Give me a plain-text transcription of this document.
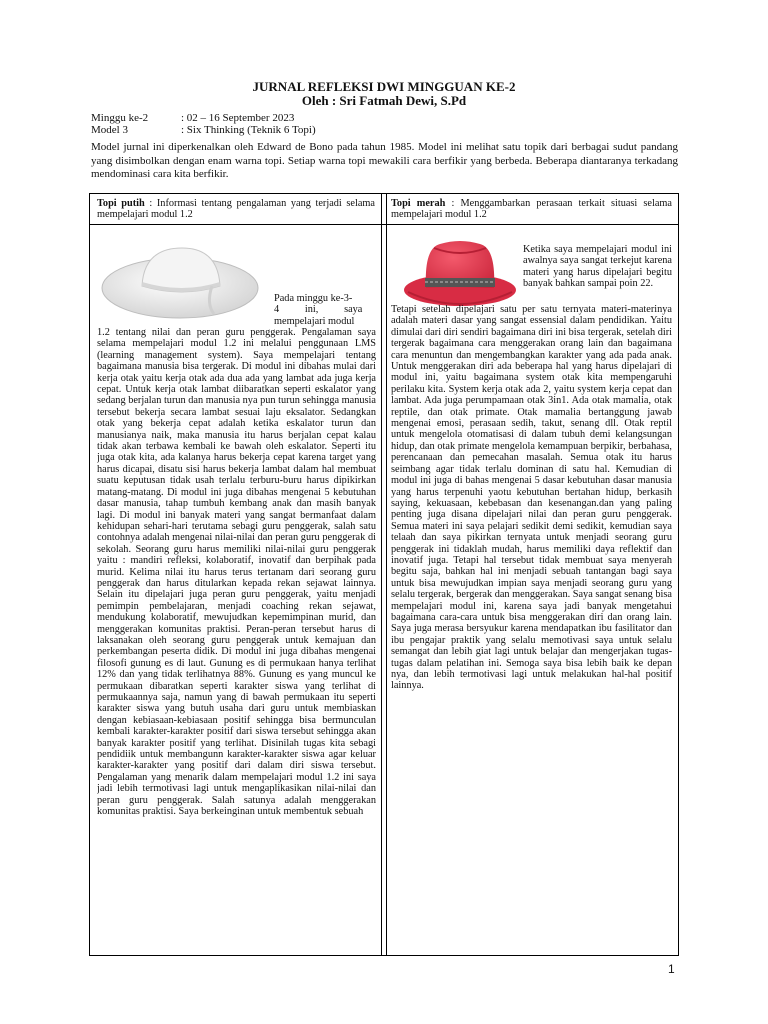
JURNAL REFLEKSI DWI MINGGUAN KE-2
Oleh : Sri Fatmah Dewi, S.Pd
Minggu ke-2	: 02 – 16 September 2023
Model 3	: Six Thinking (Teknik 6 Topi)
Model jurnal ini diperkenalkan oleh Edward de Bono pada tahun 1985. Model ini melihat satu topik dari berbagai sudut pandang yang disimbolkan dengan enam warna topi. Setiap warna topi mewakili cara berfikir yang berbeda. Beberapa diantaranya terkadang mendominasi cara kita berfikir.
Topi putih : Informasi tentang pengalaman yang terjadi selama mempelajari modul 1.2
Topi merah : Menggambarkan perasaan terkait situasi selama mempelajari modul 1.2
Pada minggu ke-3-
4          ini,          saya
mempelajari modul
1.2 tentang nilai dan peran guru penggerak. Pengalaman saya selama mempelajari modul 1.2 ini melalui penggunaan LMS (learning management system). Saya mempelajari tentang bagaimana manusia bisa tergerak. Di modul ini dibahas mulai dari kerja otak yaitu kerja otak ada dua ada yang lambat ada juga kerja cepat. Untuk kerja otak lambat diibaratkan seperti eskalator yang sedang berjalan turun dan manusia nya pun turun sehingga manusia tersebut bekerja secara lambat sesuai laju eksalator. Sedangkan otak yang bekerja cepat adalah ketika eskalator turun dan manusianya naik, maka manusia itu harus berjalan cepat kalau tidak akan terbawa kembali ke bawah oleh eskalator. Seperti itu juga otak kita, ada kalanya harus bekerja cepat karena target yang harus dicapai, disatu sisi harus bekerja lambat dalam hal membuat suatu keputusan tidak usah terlalu terburu-buru harus dipikirkan matang-matang. Di modul ini juga dibahas mengenai 5 kebutuhan dasar manusia, tahap tumbuh kembang anak dan masih banyak lagi. Di modul ini banyak materi yang sangat bermanfaat dalam kehidupan sehari-hari terutama sebagi guru penggerak, salah satu contohnya adalah mengenai nilai-nilai dan peran guru penggerak di sekolah. Seorang guru harus memiliki nilai-nilai guru penggerak yaitu : mandiri refleksi, kolaboratif, inovatif dan berpihak pada murid. Kelima nilai itu harus terus tertanam dari seorang guru penggerak dan harus ditularkan kepada rekan sejawat lainnya. Selain itu dipelajari juga peran guru penggerak, yaitu menjadi pemimpin pembelajaran, menjadi coaching rekan sejawat, mendukung kolaboratif, mewujudkan kepemimpinan murid, dan menggerakan komunitas praktisi. Peran-peran tersebut harus di laksanakan oleh seorang guru penggerak untuk kemajuan dan perkembangan peserta didik. Di modul ini juga dibahas mengenai filosofi gunung es di laut. Gunung es di permukaan hanya terlihat 12% dan yang tidak terlihatnya 88%. Gunung es yang muncul ke permukaan dibaratkan seperti karakter siswa yang terlihat di permukaannya saja, namun yang di bawah permukaan itu seperti karakter siswa yang butuh usaha dari guru untuk membiaskan dengan kebiasaan-kebiasaan positif sehingga bisa bermunculan kembali karakter-karakter positif dari siswa tersebut sehingga akan banyak karakter positif yang terlihat. Disinilah tugas kita sebagi pendidiik untuk membangunn karakter-karakter siswa agar keluar karakter-karakter yang positif dari dalam diri siswa tersebut. Pengalaman yang menarik dalam mempelajari modul 1.2 ini saya jadi lebih termotivasi lagi untuk mengaplikasikan nilai-nilai dan peran guru penggerak. Salah satunya adalah menggerakan komunitas praktisi. Saya berkeinginan untuk membentuk sebuah
Ketika saya mempelajari modul ini awalnya saya sangat terkejut karena materi yang harus dipelajari begitu banyak bahkan sampai poin 22.
Tetapi setelah dipelajari satu per satu ternyata materi-materinya adalah materi dasar yang sangat essensial dalam pendidikan. Yaitu dimulai dari diri sendiri bagaimana diri ini bisa tergerak, setelah diri tergerak bagaimana cara menggerakan orang lain dan bagaimana cara menuntun dan mengembangkan karakter yang ada pada anak. Untuk menggerakan diri ada beberapa hal yang harus dipelajari di modul ini, yaitu bagaimana system otak kita mempengaruhi perilaku kita. System kerja otak ada 2, yaitu system kerja cepat dan lambat. Ada juga perumpamaan otak 3in1. Ada otak mamalia, otak reptile, dan otak primate. Otak mamalia bertanggung jawab mengenai emosi, perasaan sedih, takut, senang dll. Otak reptil untuk mengelola otomatisasi di dalam tubuh demi kelangsungan hidup, dan otak primate mengelola kemampuan berpikir, berbahasa, perencanaan dan pemecahan masalah. Semua otak itu harus seimbang agar tidak terlalu dominan di satu hal. Kemudian di modul ini juga di bahas mengenai 5 dasar kebutuhan dasar manusia yang harus terpenuhi yaotu kebutuhan bertahan hidup, berkasih saying, kekuasaan, kebebasan dan kesenangan.dan yang paling penting juga disana dipelajari nilai dan peran guru penggerak. Semua materi ini saya pelajari sedikit demi sedikit, kemudian saya telaah dan saya pikirkan ternyata untuk menjadi seorang guru penggerak ini tidaklah mudah, harus memiliki daya reflektif dan inovatif juga. Tetapi hal tersebut tidak membuat saya menyerah begitu saja, bahkan hal ini menjadi sebuah tantangan bagi saya untuk bisa mewujudkan impian saya menjadi seorang guru yang selalu tergerak, bergerak dan menggerakan. Saya sangat senang bisa mempelajari modul ini, karena saya jadi banyak mengetahui bagaimana cara-cara untuk bisa menggerakan diri dan orang lain. Saya juga merasa bersyukur karena mendapatkan ibu fasilitator dan ibu pengajar praktik yang selalu memotivasi saya untuk selalu semangat dan lebih giat lagi untuk belajar dan mengerjakan tugas-tugas dalam pelatihan ini. Semoga saya bisa lebih baik ke depan nya, dan lebih termotivasi lagi untuk melakukan hal-hal positif lainnya.
1
